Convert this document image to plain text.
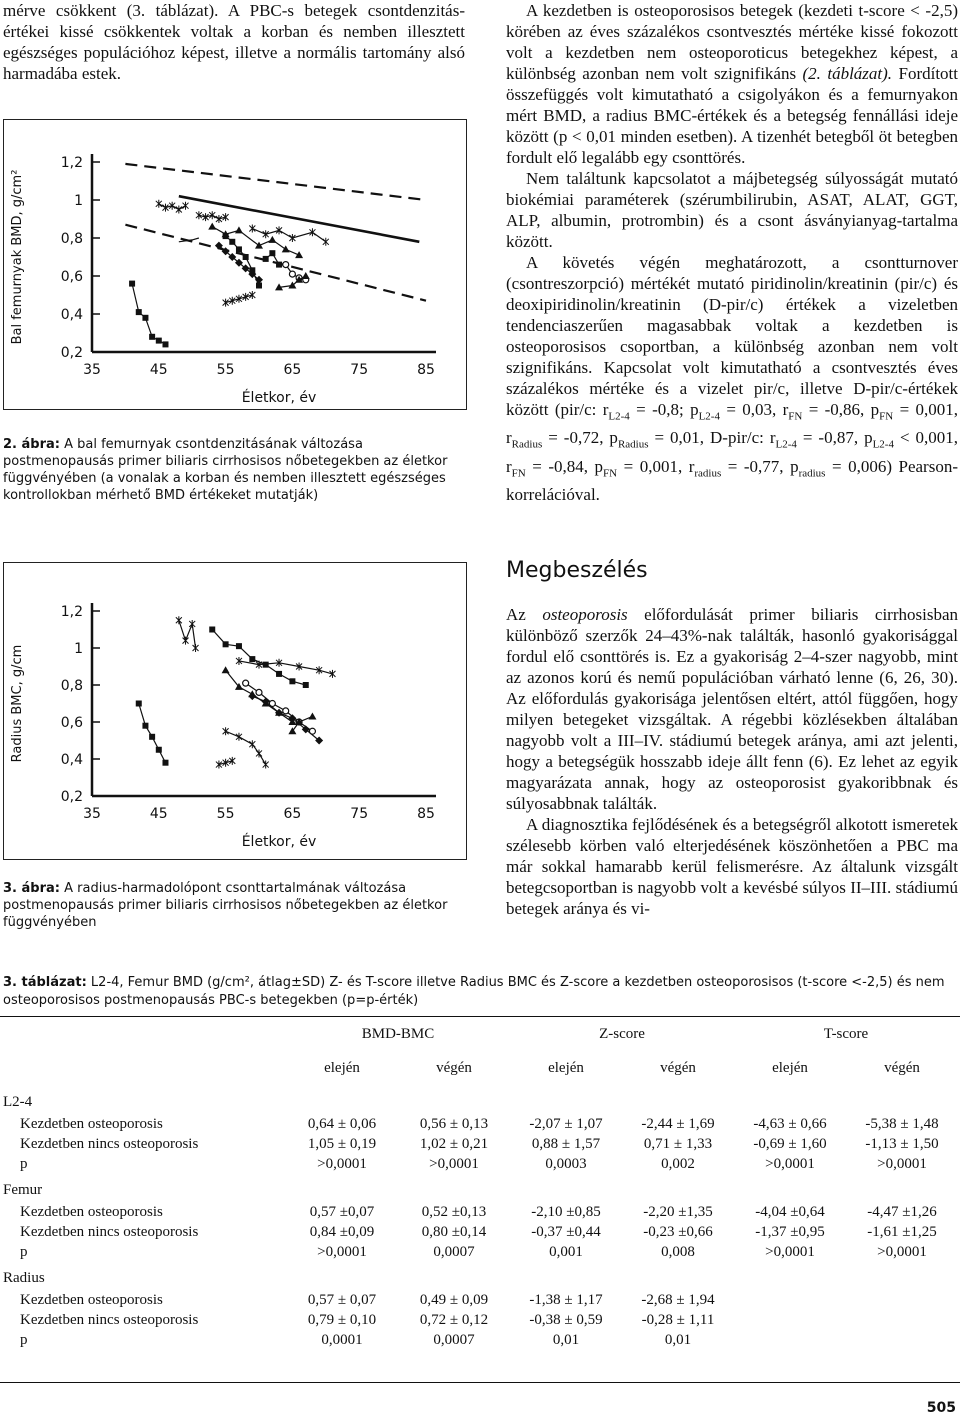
mérve csökkent (3. táblázat). A PBC-s betegek csontdenzitás-értékei kissé csökkentek voltak a korban és nemben illesztett egészséges populációhoz képest, illetve a normális tartomány alsó harmadába estek.

1,2
1
0,8
0,6
0,4
0,2
35	45	55	65	75	85
Életkor, év
Bal femurnyak BMD, g/cm²
2. ábra: A bal femurnyak csontdenzitásának változása postmenopausás primer biliaris cirrhosisos nőbetegekben az életkor függvényében (a vonalak a korban és nemben illesztett egészséges kontrollokban mérhető BMD értékeket mutatják)
1,2
1
0,8
0,6
0,4
0,2
35	45	55	65	75	85
Életkor, év
Radius BMC, g/cm
3. ábra: A radius-harmadolópont csonttartalmának változása postmenopausás primer biliaris cirrhosisos nőbetegekben az életkor függvényében

A kezdetben is osteoporosisos betegek (kezdeti t-score < -2,5) körében az éves százalékos csontvesztés mértéke kissé fokozott volt a kezdetben nem osteoporoticus betegekhez képest, a különbség azonban nem volt szignifikáns (2. táblázat). Fordított összefüggés volt kimutatható a csigolyákon és a femurnyakon mért BMD, a radius BMC-értékek és a betegség fennállási ideje között (p < 0,01 minden esetben). A tizenhét betegből öt betegben fordult elő legalább egy csonttörés.

Nem találtunk kapcsolatot a májbetegség súlyosságát mutató biokémiai paraméterek (szérumbilirubin, ASAT, ALAT, GGT, ALP, albumin, protrombin) és a csont ásványianyag-tartalma között.

A követés végén meghatározott, a csontturnover (csontreszorpció) mértékét mutató piridinolin/kreatinin (pir/c) és deoxipiridinolin/kreatinin (D-pir/c) értékek a vizeletben tendenciaszerűen magasabbak voltak a kezdetben is osteoporosisos csoportban, a különbség azonban nem volt szignifikáns. Kapcsolat volt kimutatható a csontvesztés éves százalékos mértéke és a vizelet pir/c, illetve D-pir/c-értékek között (pir/c: $r_{L2-4} = -0,8$; $p_{L2-4} = 0,03$, $r_{FN} = -0,86$, $p_{FN} = 0,001$, $r_{Radius} = -0,72$, $p_{Radius} = 0,01$, D-pir/c: $r_{L2-4} = -0,87$, $p_{L2-4} < 0,001$, $r_{FN} = -0,84$, $p_{FN} = 0,001$, $r_{radius} = -0,77$, $p_{radius} = 0,006$) Pearson-korrelációval.

Megbeszélés

Az osteoporosis előfordulását primer biliaris cirrhosisban különböző szerzők 24–43%-nak találták, hasonló gyakorisággal fordul elő csonttörés is. Ez a gyakoriság 2–4-szer nagyobb, mint az azonos korú és nemű populációban várható lenne (6, 26, 30). Az előfordulás gyakorisága jelentősen eltért, attól függően, hogy milyen betegeket vizsgáltak. A régebbi közlésekben általában nagyobb volt a III–IV. stádiumú betegek aránya, ami azt jelenti, hogy a betegségük hosszabb ideje állt fenn (6). Ez lehet az egyik magyarázata annak, hogy az osteoporosist gyakoribbnak és súlyosabbnak találták.

A diagnosztika fejlődésének és a betegségről alkotott ismeretek szélesebb körben való elterjedésének köszönhetően a PBC ma már sokkal hamarabb kerül felismerésre. Az általunk vizsgált betegcsoportban is nagyobb volt a kevésbé súlyos II–III. stádiumú betegek aránya és vi-

3. táblázat: L2-4, Femur BMD (g/cm², átlag±SD) Z- és T-score illetve Radius BMC és Z-score a kezdetben osteoporosisos (t-score <-2,5) és nem osteoporosisos postmenopausás PBC-s betegekben (p=p-érték)
BMD-BMC	Z-score	T-score
elején	végén	elején	végén	elején	végén
L2-4
Kezdetben osteoporosis	0,64 ± 0,06	0,56 ± 0,13	-2,07 ± 1,07	-2,44 ± 1,69	-4,63 ± 0,66	-5,38 ± 1,48
Kezdetben nincs osteoporosis	1,05 ± 0,19	1,02 ± 0,21	0,88 ± 1,57	0,71 ± 1,33	-0,69 ± 1,60	-1,13 ± 1,50
p	>0,0001	>0,0001	0,0003	0,002	>0,0001	>0,0001
Femur
Kezdetben osteoporosis	0,57 ±0,07	0,52 ±0,13	-2,10 ±0,85	-2,20 ±1,35	-4,04 ±0,64	-4,47 ±1,26
Kezdetben nincs osteoporosis	0,84 ±0,09	0,80 ±0,14	-0,37 ±0,44	-0,23 ±0,66	-1,37 ±0,95	-1,61 ±1,25
p	>0,0001	0,0007	0,001	0,008	>0,0001	>0,0001
Radius
Kezdetben osteoporosis	0,57 ± 0,07	0,49 ± 0,09	-1,38 ± 1,17	-2,68 ± 1,94
Kezdetben nincs osteoporosis	0,79 ± 0,10	0,72 ± 0,12	-0,38 ± 0,59	-0,28 ± 1,11
p	0,0001	0,0007	0,01	0,01
505
